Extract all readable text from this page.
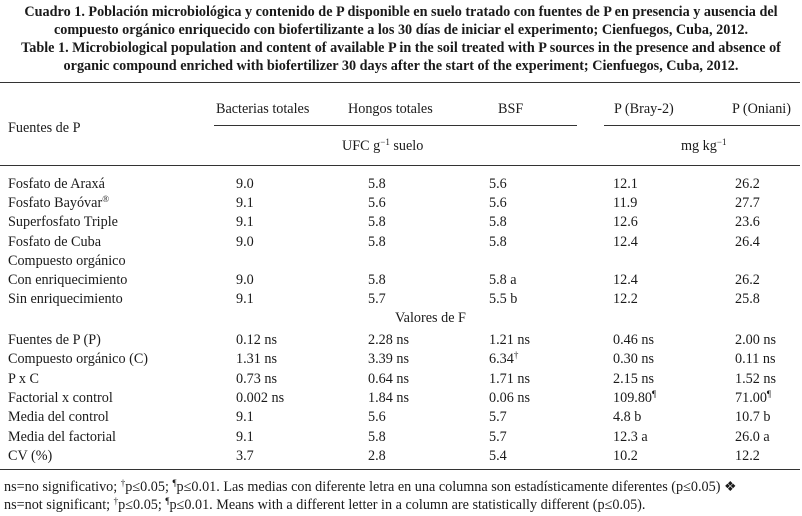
Cuadro 1. Población microbiológica y contenido de P disponible en suelo tratado con fuentes de P en presencia y ausencia del
compuesto orgánico enriquecido con biofertilizante a los 30 días de iniciar el experimento; Cienfuegos, Cuba, 2012.
Table 1. Microbiological population and content of available P in the soil treated with P sources in the presence and absence of
organic compound enriched with biofertilizer 30 days after the start of the experiment; Cienfuegos, Cuba, 2012.
Fuentes de P
Bacterias totales	Hongos totales	BSF	P (Bray-2)	P (Oniani)
UFC $g^{-1}$ suelo	mg $kg^{-1}$
Fosfato de Araxá	9.0	5.8	5.6	12.1	26.2
Fosfato Bayóvar®	9.1	5.6	5.6	11.9	27.7
Superfosfato Triple	9.1	5.8	5.8	12.6	23.6
Fosfato de Cuba	9.0	5.8	5.8	12.4	26.4
Compuesto orgánico
Con enriquecimiento	9.0	5.8	5.8 a	12.4	26.2
Sin enriquecimiento	9.1	5.7	5.5 b	12.2	25.8
Valores de F
Fuentes de P (P)	0.12 ns	2.28 ns	1.21 ns	0.46 ns	2.00 ns
Compuesto orgánico (C)	1.31 ns	3.39 ns	6.34†	0.30 ns	0.11 ns
P x C	0.73 ns	0.64 ns	1.71 ns	2.15 ns	1.52 ns
Factorial x control	0.002 ns	1.84 ns	0.06 ns	109.80¶	71.00¶
Media del control	9.1	5.6	5.7	4.8 b	10.7 b
Media del factorial	9.1	5.8	5.7	12.3 a	26.0 a
CV (%)	3.7	2.8	5.4	10.2	12.2
ns=no significativo; †p≤0.05; ¶p≤0.01. Las medias con diferente letra en una columna son estadísticamente diferentes (p≤0.05) ❖
ns=not significant; †p≤0.05; ¶p≤0.01. Means with a different letter in a column are statistically different (p≤0.05).
